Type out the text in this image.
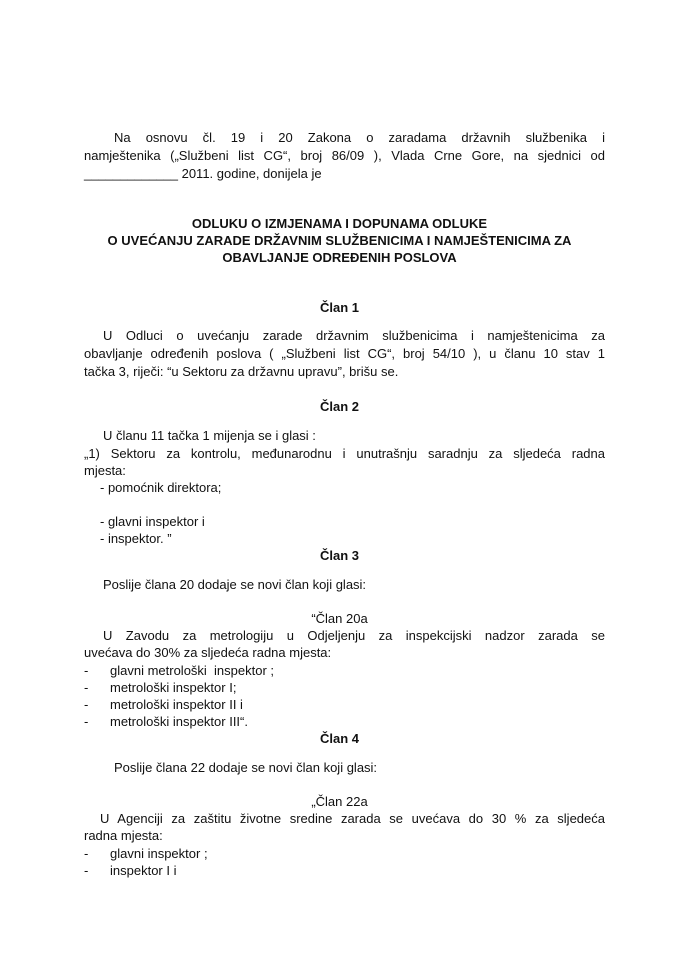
Na osnovu čl. 19 i 20 Zakona o zaradama državnih službenika i
namještenika („Službeni list CG“, broj 86/09 ), Vlada Crne Gore, na sjednici od
_____________ 2011. godine, donijela je
ODLUKU O IZMJENAMA I DOPUNAMA ODLUKE
O UVEĆANJU ZARADE DRŽAVNIM SLUŽBENICIMA I NAMJEŠTENICIMA ZA
OBAVLJANJE ODREĐENIH POSLOVA
Član 1
U Odluci o uvećanju zarade državnim službenicima i namještenicima za
obavljanje određenih poslova ( „Službeni list CG“, broj 54/10 ), u članu 10 stav 1
tačka 3, riječi: “u Sektoru za državnu upravu”, brišu se.
Član 2
U članu 11 tačka 1 mijenja se i glasi :
„1) Sektoru za kontrolu, međunarodnu i unutrašnju saradnju za sljedeća radna
mjesta:
- pomoćnik direktora;
- glavni inspektor i
- inspektor. ”
Član 3
Poslije člana 20 dodaje se novi član koji glasi:
“Član 20a
U Zavodu za metrologiju u Odjeljenju za inspekcijski nadzor zarada se
uvećava do 30% za sljedeća radna mjesta:
- glavni metrološki  inspektor ;
- metrološki inspektor I;
- metrološki inspektor II i
- metrološki inspektor III“.
Član 4
Poslije člana 22 dodaje se novi član koji glasi:
„Član 22a
U Agenciji za zaštitu životne sredine zarada se uvećava do 30 % za sljedeća
radna mjesta:
- glavni inspektor ;
- inspektor I i
